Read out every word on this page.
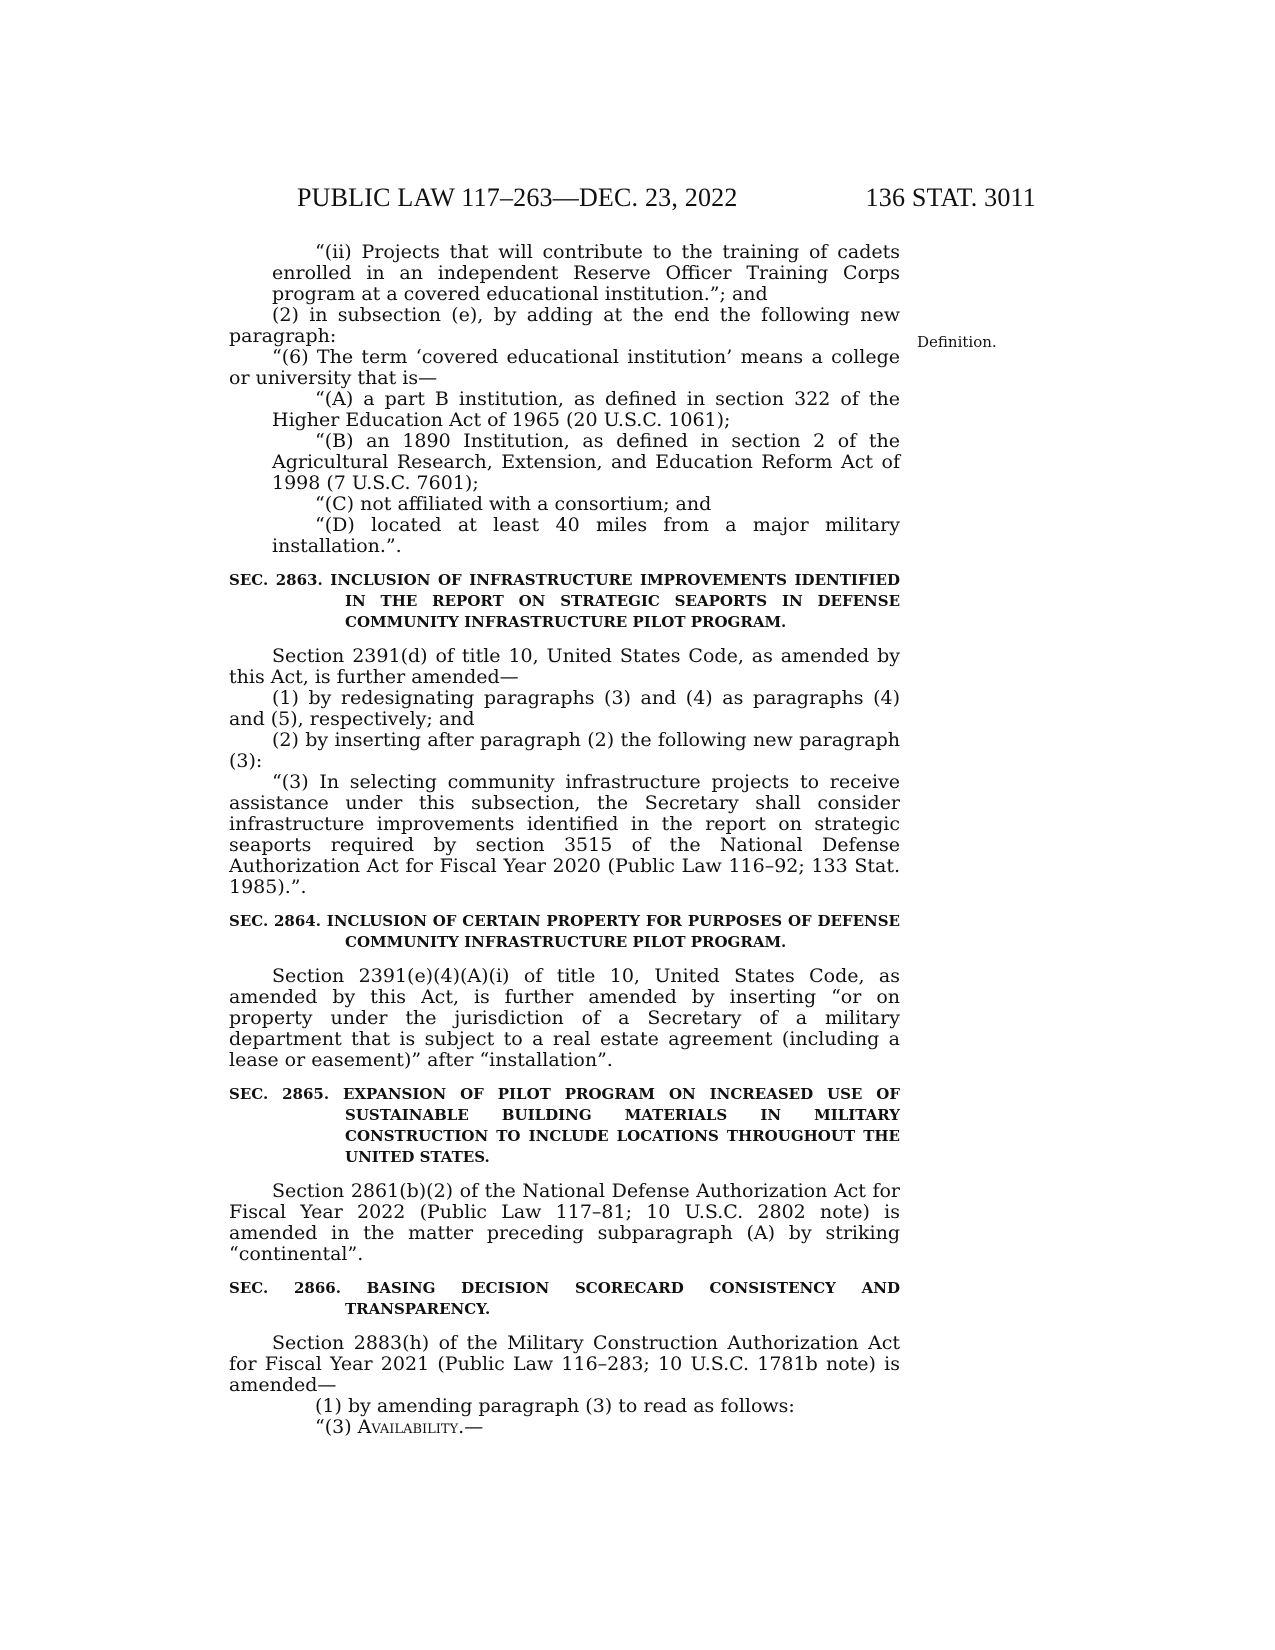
PUBLIC LAW 117–263—DEC. 23, 2022	136 STAT. 3011
Definition.

“(ii) Projects that will contribute to the training of cadets enrolled in an independent Reserve Officer Training Corps program at a covered educational institution.”; and

(2) in subsection (e), by adding at the end the following new paragraph:

“(6) The term ‘covered educational institution’ means a college or university that is—

“(A) a part B institution, as defined in section 322 of the Higher Education Act of 1965 (20 U.S.C. 1061);

“(B) an 1890 Institution, as defined in section 2 of the Agricultural Research, Extension, and Education Reform Act of 1998 (7 U.S.C. 7601);

“(C) not affiliated with a consortium; and

“(D) located at least 40 miles from a major military installation.”.

SEC. 2863. INCLUSION OF INFRASTRUCTURE IMPROVEMENTS IDENTIFIED IN THE REPORT ON STRATEGIC SEAPORTS IN DEFENSE COMMUNITY INFRASTRUCTURE PILOT PROGRAM.

Section 2391(d) of title 10, United States Code, as amended by this Act, is further amended—

(1) by redesignating paragraphs (3) and (4) as paragraphs (4) and (5), respectively; and

(2) by inserting after paragraph (2) the following new paragraph (3):

“(3) In selecting community infrastructure projects to receive assistance under this subsection, the Secretary shall consider infrastructure improvements identified in the report on strategic seaports required by section 3515 of the National Defense Authorization Act for Fiscal Year 2020 (Public Law 116–92; 133 Stat. 1985).”.

SEC. 2864. INCLUSION OF CERTAIN PROPERTY FOR PURPOSES OF DEFENSE COMMUNITY INFRASTRUCTURE PILOT PROGRAM.

Section 2391(e)(4)(A)(i) of title 10, United States Code, as amended by this Act, is further amended by inserting “or on property under the jurisdiction of a Secretary of a military department that is subject to a real estate agreement (including a lease or easement)” after “installation”.

SEC. 2865. EXPANSION OF PILOT PROGRAM ON INCREASED USE OF SUSTAINABLE BUILDING MATERIALS IN MILITARY CONSTRUCTION TO INCLUDE LOCATIONS THROUGHOUT THE UNITED STATES.

Section 2861(b)(2) of the National Defense Authorization Act for Fiscal Year 2022 (Public Law 117–81; 10 U.S.C. 2802 note) is amended in the matter preceding subparagraph (A) by striking “continental”.

SEC. 2866. BASING DECISION SCORECARD CONSISTENCY AND TRANSPARENCY.

Section 2883(h) of the Military Construction Authorization Act for Fiscal Year 2021 (Public Law 116–283; 10 U.S.C. 1781b note) is amended—

(1) by amending paragraph (3) to read as follows:

“(3) Availability.—
